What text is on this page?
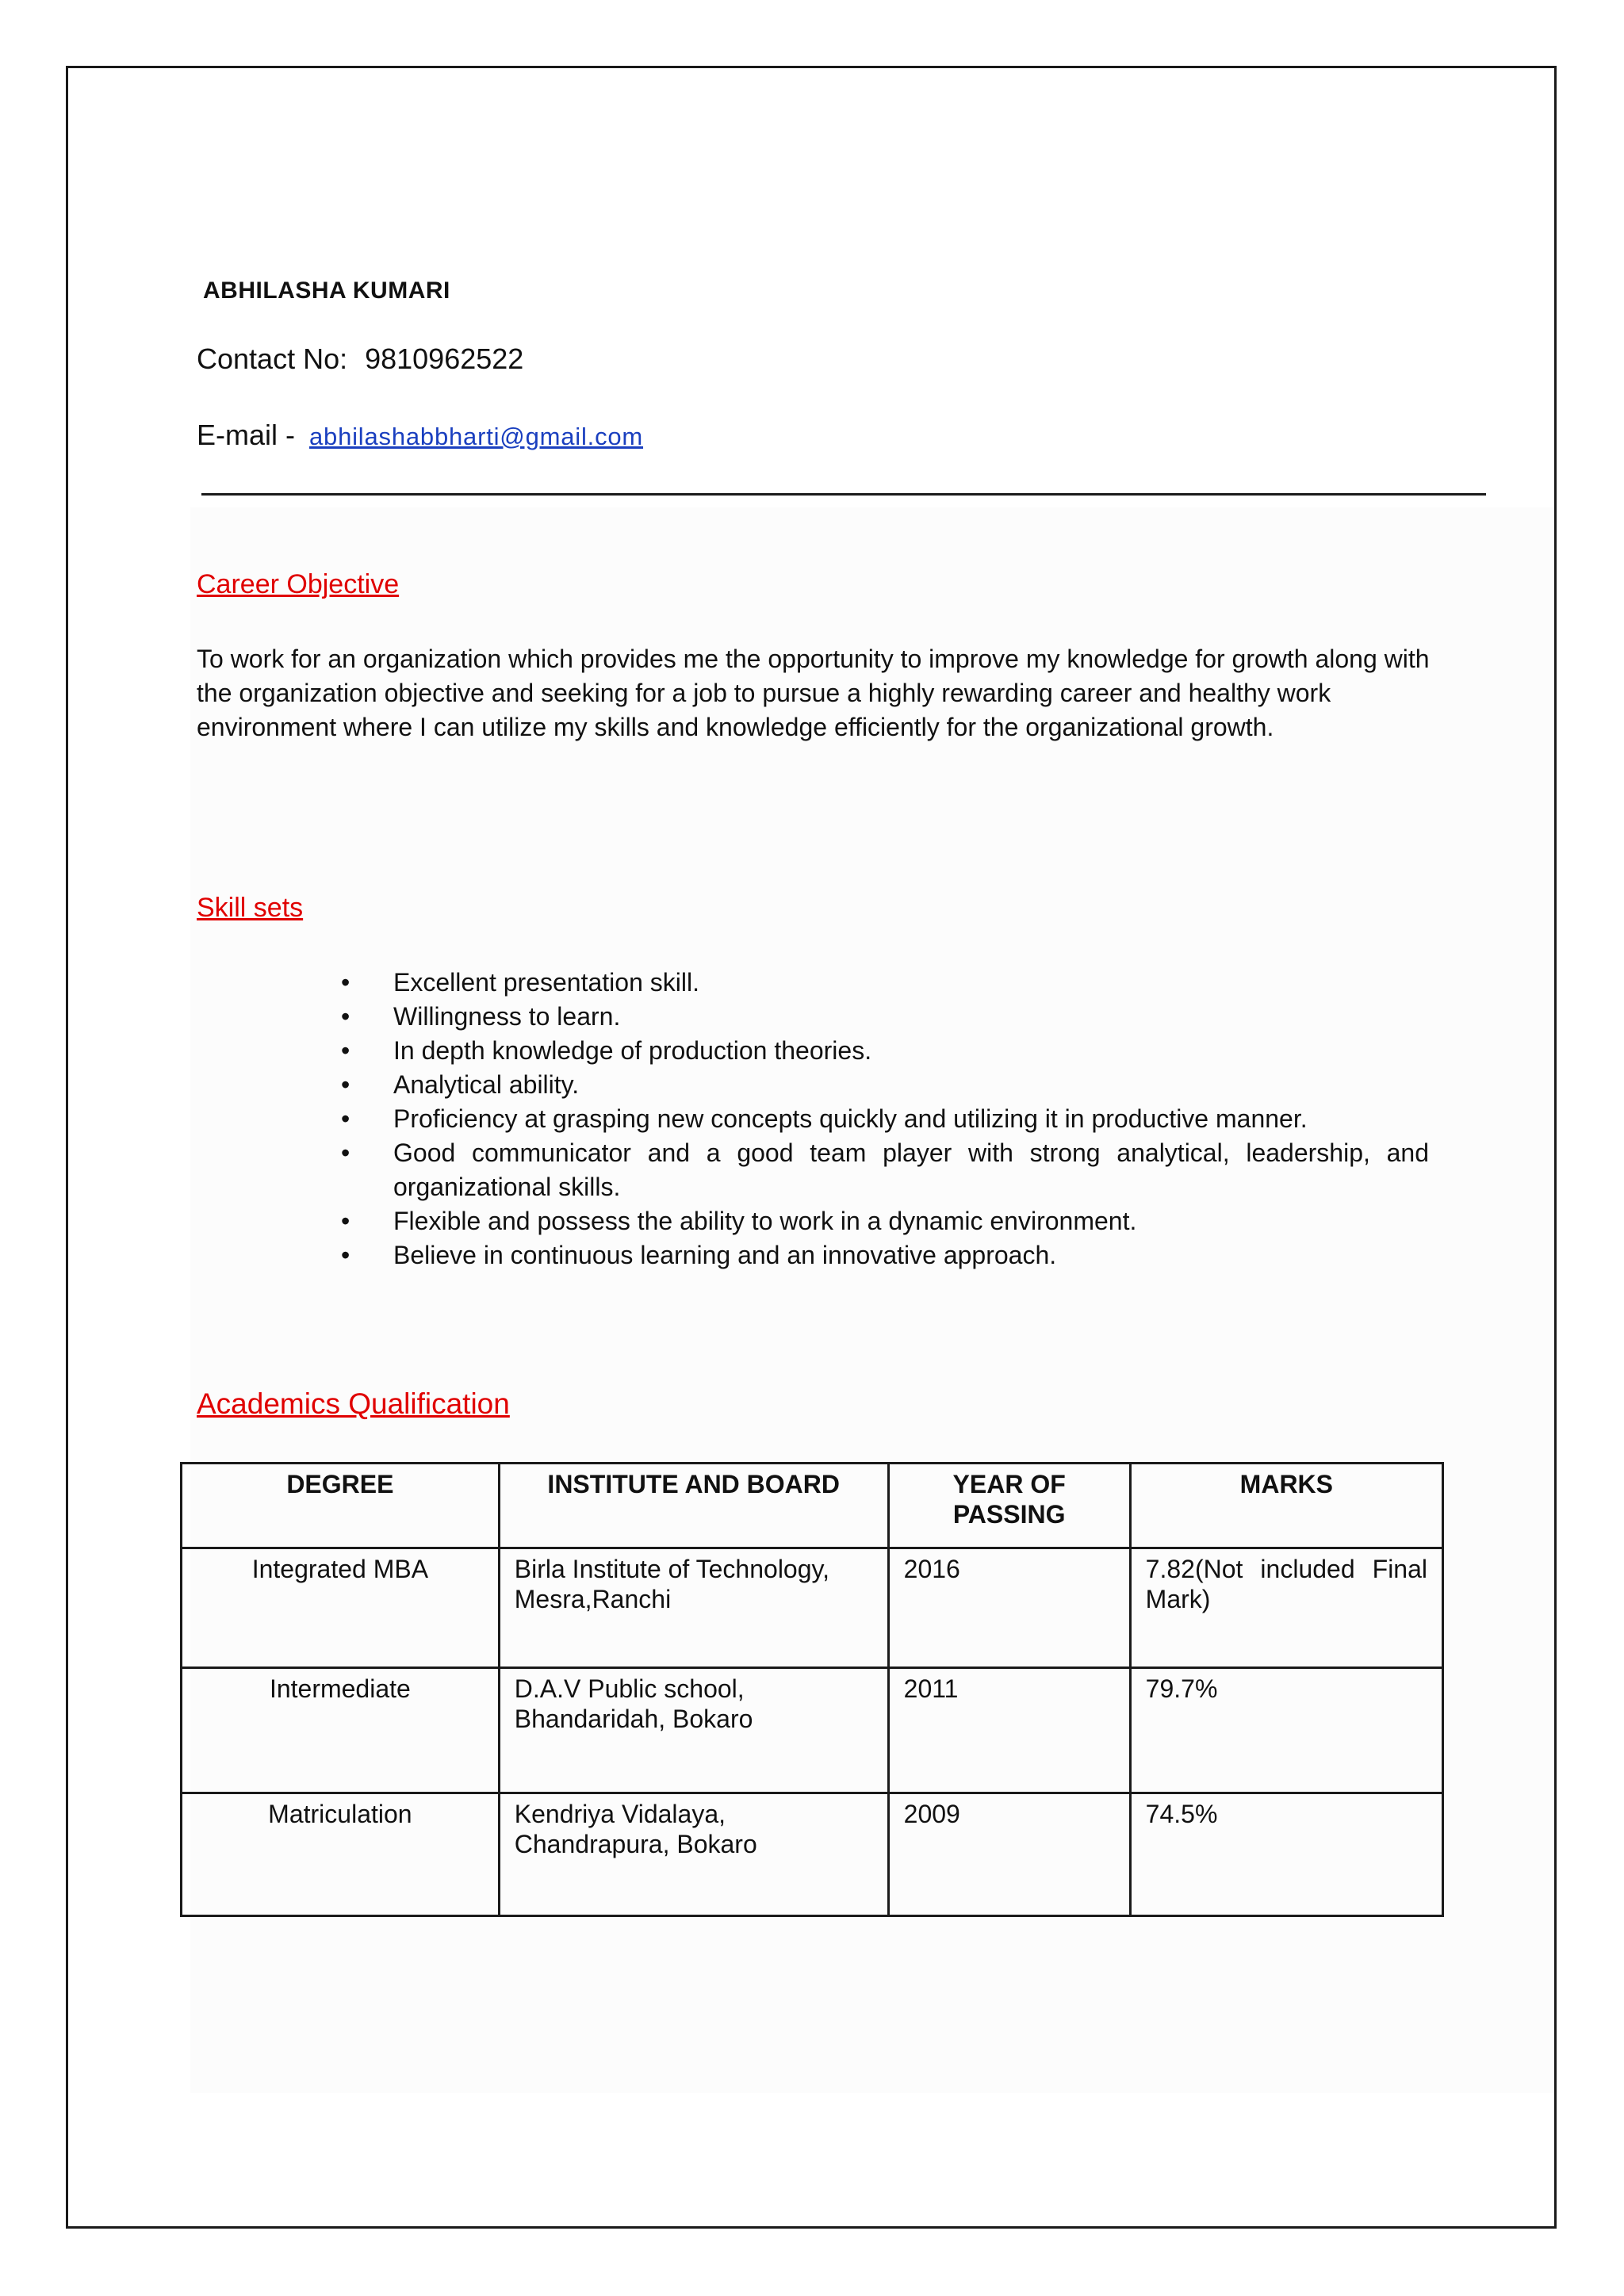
ABHILASHA KUMARI
Contact No: 9810962522
E-mail - abhilashabbharti@gmail.com
Career Objective
To work for an organization which provides me the opportunity to improve my knowledge for growth along with the organization objective and seeking for a job to pursue a highly rewarding career and healthy work environment where I can utilize my skills and knowledge efficiently for the organizational growth.
Skill sets
• Excellent presentation skill.
• Willingness to learn.
• In depth knowledge of production theories.
• Analytical ability.
• Proficiency at grasping new concepts quickly and utilizing it in productive manner.
• Good communicator and a good team player with strong analytical, leadership, and organizational skills.
• Flexible and possess the ability to work in a dynamic environment.
• Believe in continuous learning and an innovative approach.
Academics Qualification
DEGREE	INSTITUTE AND BOARD	YEAR OF PASSING	MARKS
Integrated MBA	Birla Institute of Technology, Mesra,Ranchi	2016	7.82(Not included Final Mark)
Intermediate	D.A.V Public school, Bhandaridah, Bokaro	2011	79.7%
Matriculation	Kendriya Vidalaya, Chandrapura, Bokaro	2009	74.5%
